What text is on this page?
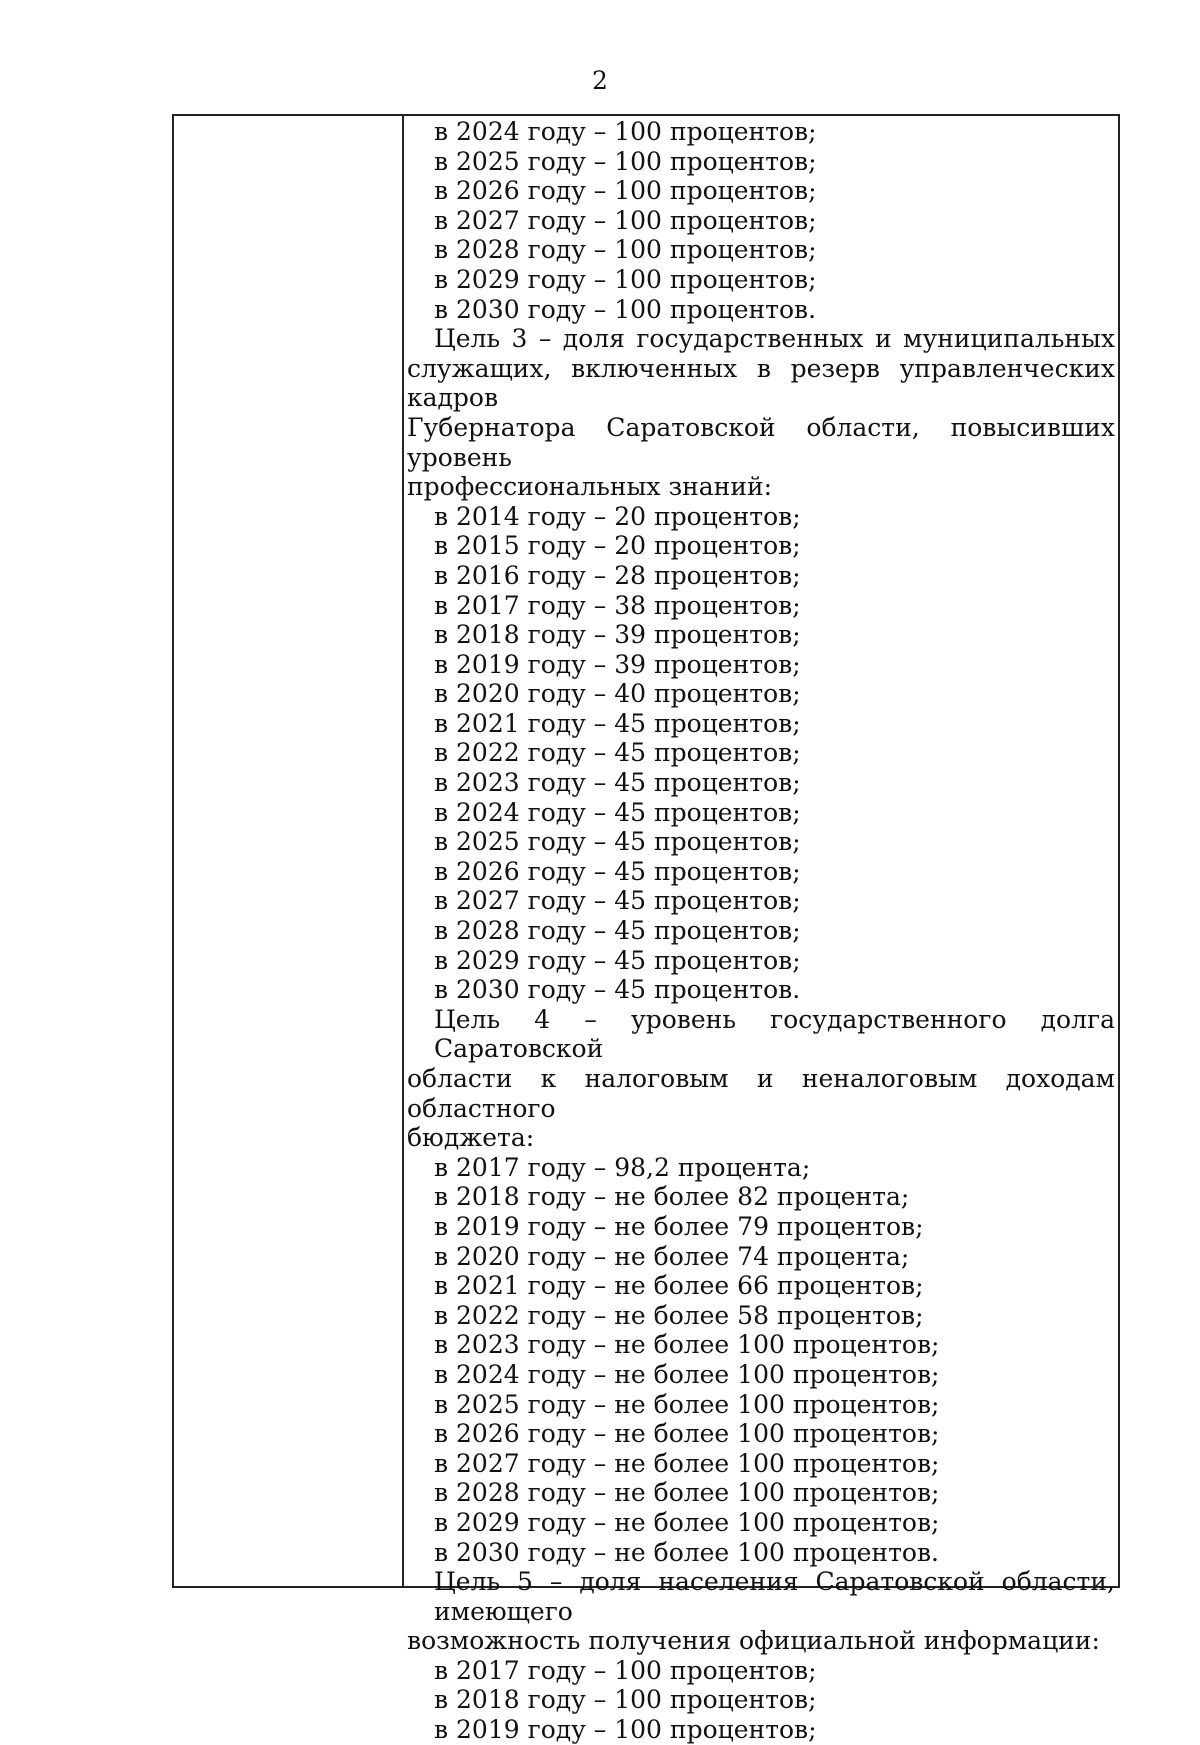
2

в 2024 году – 100 процентов;

в 2025 году – 100 процентов;

в 2026 году – 100 процентов;

в 2027 году – 100 процентов;

в 2028 году – 100 процентов;

в 2029 году – 100 процентов;

в 2030 году – 100 процентов.

Цель 3 – доля государственных и муниципальных

служащих, включенных в резерв управленческих кадров

Губернатора Саратовской области, повысивших уровень

профессиональных знаний:

в 2014 году – 20 процентов;

в 2015 году – 20 процентов;

в 2016 году – 28 процентов;

в 2017 году – 38 процентов;

в 2018 году – 39 процентов;

в 2019 году – 39 процентов;

в 2020 году – 40 процентов;

в 2021 году – 45 процентов;

в 2022 году – 45 процентов;

в 2023 году – 45 процентов;

в 2024 году – 45 процентов;

в 2025 году – 45 процентов;

в 2026 году – 45 процентов;

в 2027 году – 45 процентов;

в 2028 году – 45 процентов;

в 2029 году – 45 процентов;

в 2030 году – 45 процентов.

Цель 4 – уровень государственного долга Саратовской

области к налоговым и неналоговым доходам областного

бюджета:

в 2017 году – 98,2 процента;

в 2018 году – не более 82 процента;

в 2019 году – не более 79 процентов;

в 2020 году – не более 74 процента;

в 2021 году – не более 66 процентов;

в 2022 году – не более 58 процентов;

в 2023 году – не более 100 процентов;

в 2024 году – не более 100 процентов;

в 2025 году – не более 100 процентов;

в 2026 году – не более 100 процентов;

в 2027 году – не более 100 процентов;

в 2028 году – не более 100 процентов;

в 2029 году – не более 100 процентов;

в 2030 году – не более 100 процентов.

Цель 5 – доля населения Саратовской области, имеющего

возможность получения официальной информации:

в 2017 году – 100 процентов;

в 2018 году – 100 процентов;

в 2019 году – 100 процентов;
